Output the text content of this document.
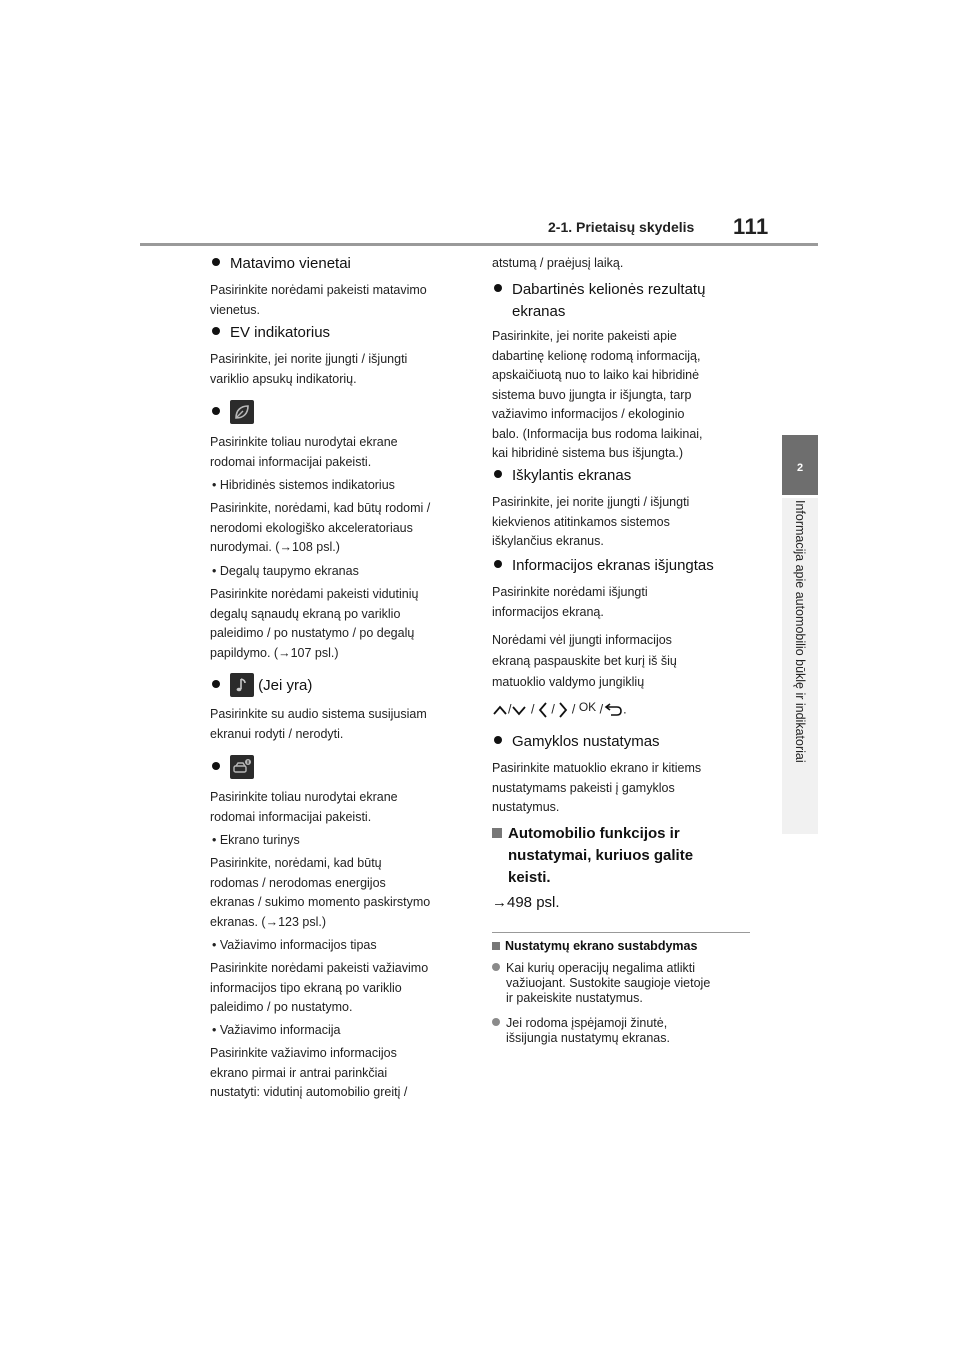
2-1. Prietaisų skydelis 111
2
Informacija apie automobilio būklę ir indikatoriai
Matavimo vienetai
Pasirinkite norėdami pakeisti matavimo
vienetus.
EV indikatorius
Pasirinkite, jei norite įjungti / išjungti
variklio apsukų indikatorių.
Pasirinkite toliau nurodytai ekrane
rodomai informacijai pakeisti.
• Hibridinės sistemos indikatorius
Pasirinkite, norėdami, kad būtų rodomi /
nerodomi ekologiško akceleratoriaus
nurodymai. (→108 psl.)
• Degalų taupymo ekranas
Pasirinkite norėdami pakeisti vidutinių
degalų sąnaudų ekraną po variklio
paleidimo / po nustatymo / po degalų
papildymo. (→107 psl.)
(Jei yra)
Pasirinkite su audio sistema susijusiam
ekranui rodyti / nerodyti.
Pasirinkite toliau nurodytai ekrane
rodomai informacijai pakeisti.
• Ekrano turinys
Pasirinkite, norėdami, kad būtų
rodomas / nerodomas energijos
ekranas / sukimo momento paskirstymo
ekranas. (→123 psl.)
• Važiavimo informacijos tipas
Pasirinkite norėdami pakeisti važiavimo
informacijos tipo ekraną po variklio
paleidimo / po nustatymo.
• Važiavimo informacija
Pasirinkite važiavimo informacijos
ekrano pirmai ir antrai parinkčiai
nustatyti: vidutinį automobilio greitį /
atstumą / praėjusį laiką.
Dabartinės kelionės rezultatų
ekranas
Pasirinkite, jei norite pakeisti apie
dabartinę kelionę rodomą informaciją,
apskaičiuotą nuo to laiko kai hibridinė
sistema buvo įjungta ir išjungta, tarp
važiavimo informacijos / ekologinio
balo. (Informacija bus rodoma laikinai,
kai hibridinė sistema bus išjungta.)
Iškylantis ekranas
Pasirinkite, jei norite įjungti / išjungti
kiekvienos atitinkamos sistemos
iškylančius ekranus.
Informacijos ekranas išjungtas
Pasirinkite norėdami išjungti
informacijos ekraną.
Norėdami vėl įjungti informacijos
ekraną paspauskite bet kurį iš šių
matuoklio valdymo jungiklių
/ / / / OK / .
Gamyklos nustatymas
Pasirinkite matuoklio ekrano ir kitiems
nustatymams pakeisti į gamyklos
nustatymus.
Automobilio funkcijos ir
nustatymai, kuriuos galite
keisti.
→498 psl.
Nustatymų ekrano sustabdymas
Kai kurių operacijų negalima atlikti
važiuojant. Sustokite saugioje vietoje
ir pakeiskite nustatymus.
Jei rodoma įspėjamoji žinutė,
išsijungia nustatymų ekranas.
